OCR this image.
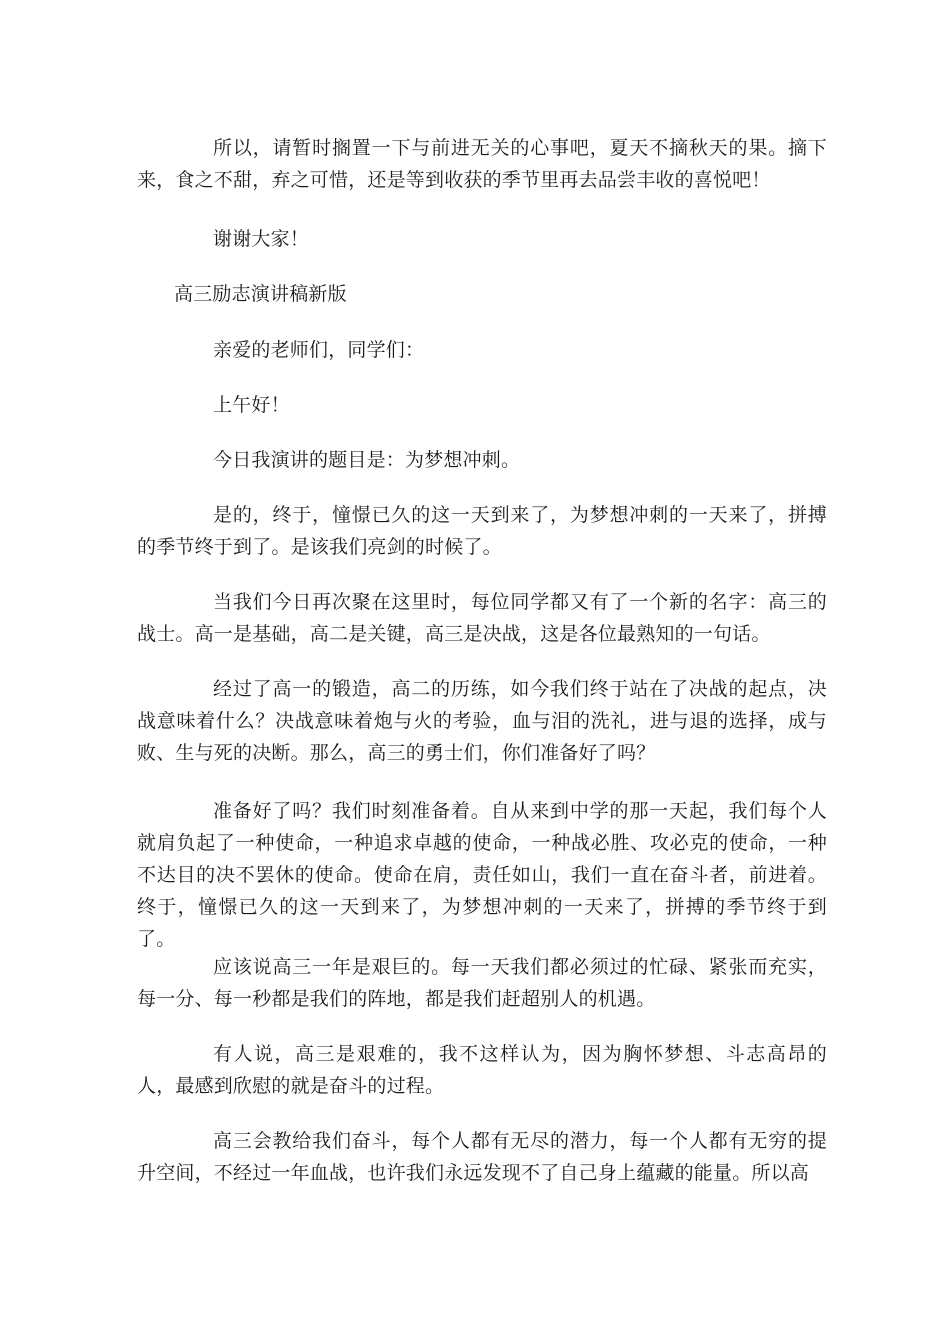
所以，请暂时搁置一下与前进无关的心事吧，夏天不摘秋天的果。摘下来，食之不甜，弃之可惜，还是等到收获的季节里再去品尝丰收的喜悦吧！

谢谢大家！

高三励志演讲稿新版

亲爱的老师们，同学们：

上午好！

今日我演讲的题目是：为梦想冲刺。

是的，终于，憧憬已久的这一天到来了，为梦想冲刺的一天来了，拼搏的季节终于到了。是该我们亮剑的时候了。

当我们今日再次聚在这里时，每位同学都又有了一个新的名字：高三的战士。高一是基础，高二是关键，高三是决战，这是各位最熟知的一句话。

经过了高一的锻造，高二的历练，如今我们终于站在了决战的起点，决战意味着什么？决战意味着炮与火的考验，血与泪的洗礼，进与退的选择，成与败、生与死的决断。那么，高三的勇士们，你们准备好了吗？

准备好了吗？我们时刻准备着。自从来到中学的那一天起，我们每个人就肩负起了一种使命，一种追求卓越的使命，一种战必胜、攻必克的使命，一种不达目的决不罢休的使命。使命在肩，责任如山，我们一直在奋斗者，前进着。终于，憧憬已久的这一天到来了，为梦想冲刺的一天来了，拼搏的季节终于到了。

应该说高三一年是艰巨的。每一天我们都必须过的忙碌、紧张而充实，每一分、每一秒都是我们的阵地，都是我们赶超别人的机遇。

有人说，高三是艰难的，我不这样认为，因为胸怀梦想、斗志高昂的人，最感到欣慰的就是奋斗的过程。

高三会教给我们奋斗，每个人都有无尽的潜力，每一个人都有无穷的提升空间，不经过一年血战，也许我们永远发现不了自己身上蕴藏的能量。所以高
